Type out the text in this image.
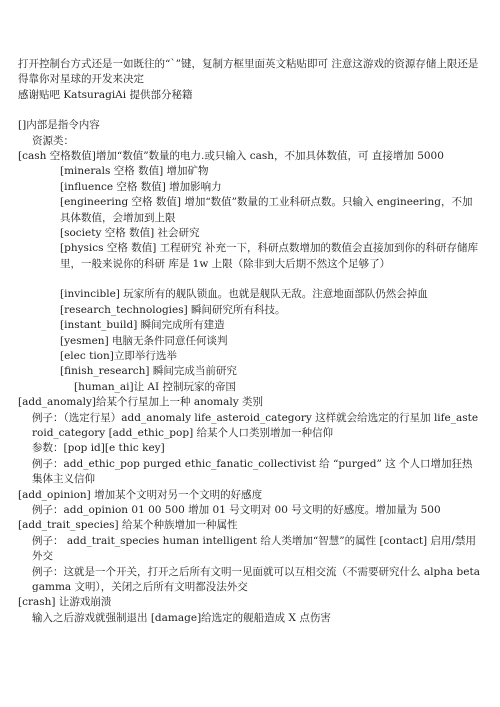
打开控制台方式还是一如既往的“`”键，复制方框里面英文粘贴即可 注意这游戏的资源存储上限还是得靠你对星球的开发来决定

感谢贴吧 KatsuragiAi 提供部分秘籍

[]内部是指令内容

资源类：

[cash 空格数值]增加“数值”数量的电力.或只输入 cash，不加具体数值，可 直接增加 5000

[minerals 空格 数值] 增加矿物

[influence 空格 数值] 增加影响力

[engineering 空格 数值] 增加“数值”数量的工业科研点数。只输入 engineering，不加具体数值，会增加到上限

[society 空格 数值] 社会研究

[physics 空格 数值] 工程研究 补充一下，科研点数增加的数值会直接加到你的科研存储库里，一般来说你的科研 库是 1w 上限（除非到大后期不然这个足够了）

[invincible] 玩家所有的舰队锁血。也就是舰队无敌。注意地面部队仍然会掉血

[research_technologies] 瞬间研究所有科技。

[instant_build] 瞬间完成所有建造

[yesmen] 电脑无条件同意任何谈判

[elec tion]立即举行选举

[finish_research] 瞬间完成当前研究

[human_ai]让 AI 控制玩家的帝国

[add_anomaly]给某个行星加上一种 anomaly 类别

例子：（选定行星）add_anomaly life_asteroid_category 这样就会给选定的行星加 life_asteroid_category [add_ethic_pop] 给某个人口类别增加一种信仰

参数：[pop id][e thic key]

例子：add_ethic_pop purged ethic_fanatic_collectivist 给 “purged” 这 个人口增加狂热集体主义信仰

[add_opinion] 增加某个文明对另一个文明的好感度

例子：add_opinion 01 00 500 增加 01 号文明对 00 号文明的好感度。增加量为 500

[add_trait_species] 给某个种族增加一种属性

例子： add_trait_species human intelligent 给人类增加“智慧”的属性 [contact] 启用/禁用外交

例子：这就是一个开关，打开之后所有文明一见面就可以互相交流（不需要研究什么 alpha beta gamma 文明），关闭之后所有文明都没法外交

[crash] 让游戏崩溃

输入之后游戏就强制退出 [damage]给选定的舰船造成 X 点伤害
